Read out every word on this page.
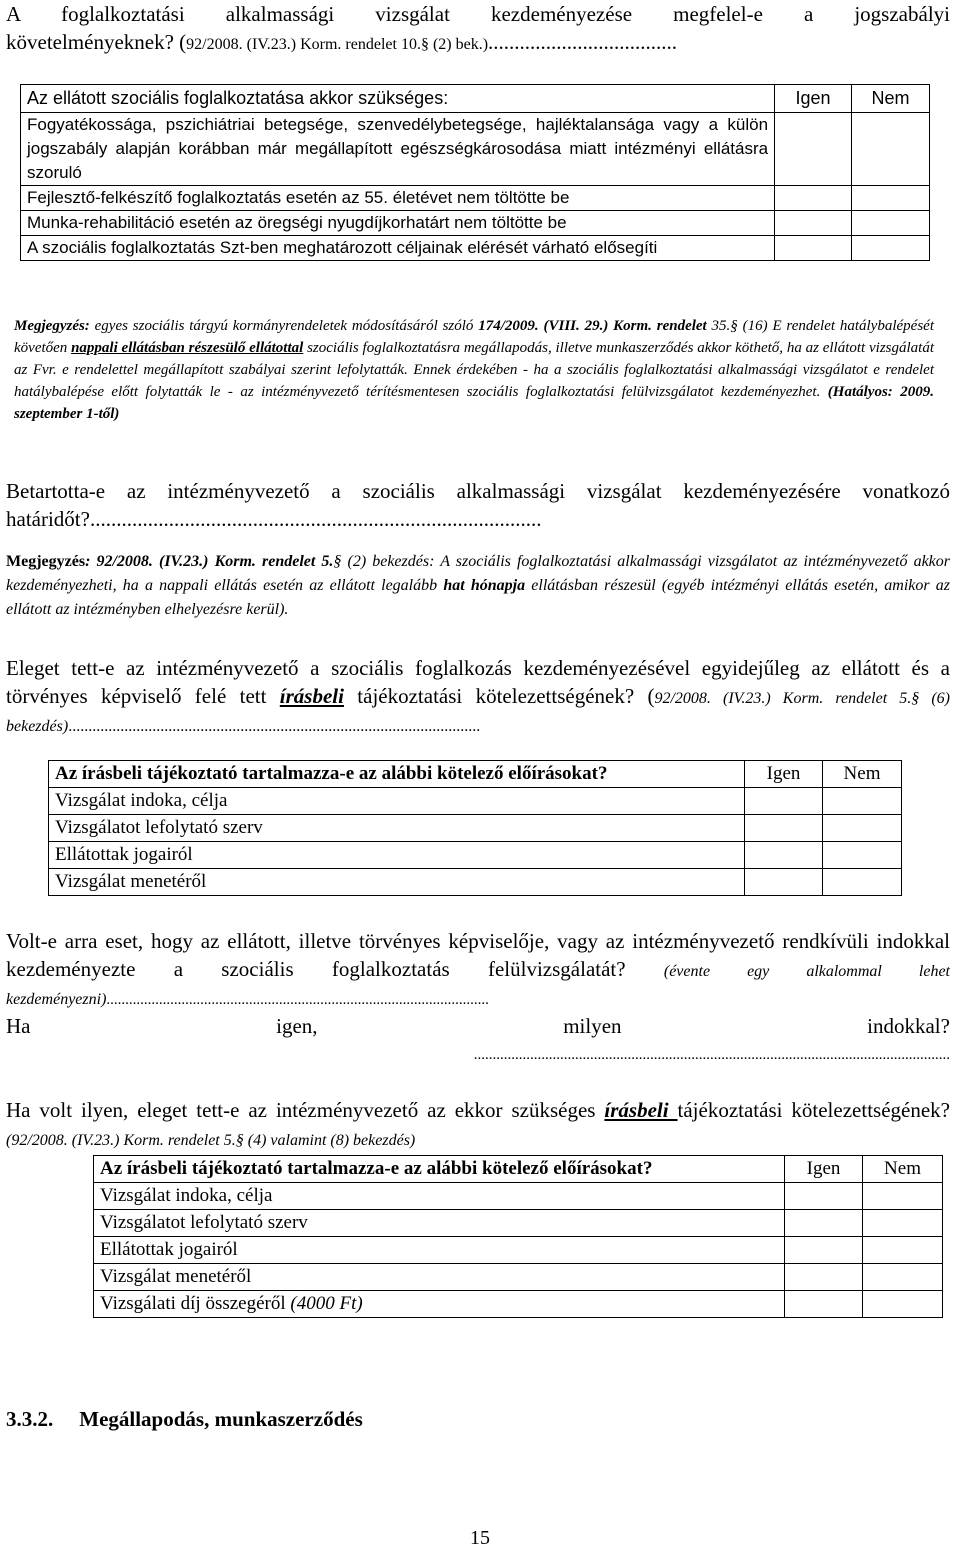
A foglalkoztatási alkalmassági vizsgálat kezdeményezése megfelel-e a jogszabályi

követelményeknek? (92/2008. (IV.23.) Korm. rendelet 10.§ (2) bek.)....................................

Az ellátott szociális foglalkoztatása akkor szükséges:	Igen	Nem
Fogyatékossága, pszichiátriai betegsége, szenvedélybetegsége, hajléktalansága vagy a külön jogszabály alapján korábban már megállapított egészségkárosodása miatt intézményi ellátásra szoruló		
Fejlesztő-felkészítő foglalkoztatás esetén az 55. életévet nem töltötte be		
Munka-rehabilitáció esetén az öregségi nyugdíjkorhatárt nem töltötte be		
A szociális foglalkoztatás Szt-ben meghatározott céljainak elérését várható elősegíti		

Megjegyzés: egyes szociális tárgyú kormányrendeletek módosításáról szóló 174/2009. (VIII. 29.) Korm. rendelet 35.§ (16) E rendelet hatálybalépését követően nappali ellátásban részesülő ellátottal szociális foglalkoztatásra megállapodás, illetve munkaszerződés akkor köthető, ha az ellátott vizsgálatát az Fvr. e rendelettel megállapított szabályai szerint lefolytatták. Ennek érdekében - ha a szociális foglalkoztatási alkalmassági vizsgálatot e rendelet hatálybalépése előtt folytatták le - az intézményvezető térítésmentesen szociális foglalkoztatási felülvizsgálatot kezdeményezhet. (Hatályos: 2009. szeptember 1-től)

Betartotta-e az intézményvezető a szociális alkalmassági vizsgálat kezdeményezésére vonatkozó határidőt?......................................................................................

Megjegyzés: 92/2008. (IV.23.) Korm. rendelet 5.§ (2) bekezdés: A szociális foglalkoztatási alkalmassági vizsgálatot az intézményvezető akkor kezdeményezheti, ha a nappali ellátás esetén az ellátott legalább hat hónapja ellátásban részesül (egyéb intézményi ellátás esetén, amikor az ellátott az intézményben elhelyezésre kerül).

Eleget tett-e az intézményvezető a szociális foglalkozás kezdeményezésével egyidejűleg az ellátott és a törvényes képviselő felé tett írásbeli tájékoztatási kötelezettségének? (92/2008. (IV.23.) Korm. rendelet 5.§ (6) bekezdés).......................................................................................................

Az írásbeli tájékoztató tartalmazza-e az alábbi kötelező előírásokat?	Igen	Nem
Vizsgálat indoka, célja		
Vizsgálatot lefolytató szerv		
Ellátottak jogairól		
Vizsgálat menetéről		

Volt-e arra eset, hogy az ellátott, illetve törvényes képviselője, vagy az intézményvezető rendkívüli indokkal kezdeményezte a szociális foglalkoztatás felülvizsgálatát? (évente egy alkalommal lehet kezdeményezni)......................................................................................................

Ha	igen,	milyen	indokkal?
...............................................................................................................................

Ha volt ilyen, eleget tett-e az intézményvezető az ekkor szükséges írásbeli tájékoztatási kötelezettségének? (92/2008. (IV.23.) Korm. rendelet 5.§ (4) valamint (8) bekezdés)

Az írásbeli tájékoztató tartalmazza-e az alábbi kötelező előírásokat?	Igen	Nem
Vizsgálat indoka, célja		
Vizsgálatot lefolytató szerv		
Ellátottak jogairól		
Vizsgálat menetéről		
Vizsgálati díj összegéről (4000 Ft)		
3.3.2. Megállapodás, munkaszerződés
15
